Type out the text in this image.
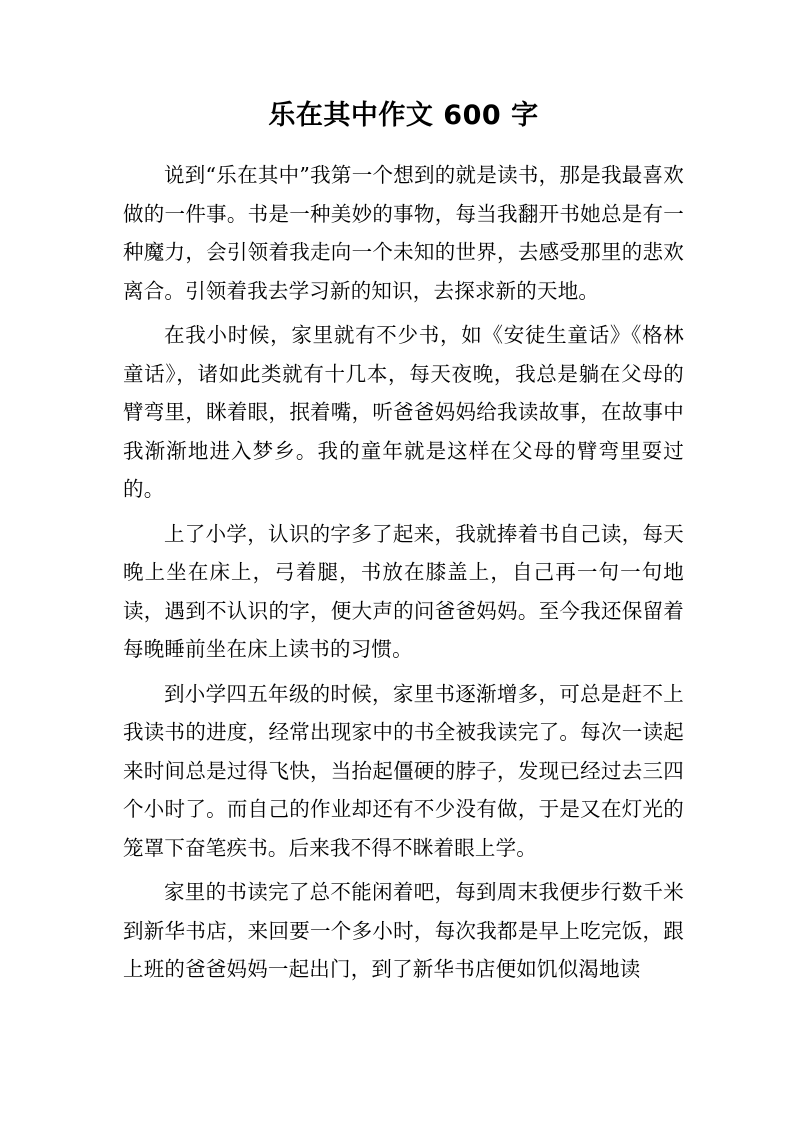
乐在其中作文 600 字

说到“乐在其中”我第一个想到的就是读书，那是我最喜欢做的一件事。书是一种美妙的事物，每当我翻开书她总是有一种魔力，会引领着我走向一个未知的世界，去感受那里的悲欢离合。引领着我去学习新的知识，去探求新的天地。

在我小时候，家里就有不少书，如《安徒生童话》《格林童话》，诸如此类就有十几本，每天夜晚，我总是躺在父母的臂弯里，眯着眼，抿着嘴，听爸爸妈妈给我读故事，在故事中我渐渐地进入梦乡。我的童年就是这样在父母的臂弯里耍过的。

上了小学，认识的字多了起来，我就捧着书自己读，每天晚上坐在床上，弓着腿，书放在膝盖上，自己再一句一句地读，遇到不认识的字，便大声的问爸爸妈妈。至今我还保留着每晚睡前坐在床上读书的习惯。

到小学四五年级的时候，家里书逐渐增多，可总是赶不上我读书的进度，经常出现家中的书全被我读完了。每次一读起来时间总是过得飞快，当抬起僵硬的脖子，发现已经过去三四个小时了。而自己的作业却还有不少没有做，于是又在灯光的笼罩下奋笔疾书。后来我不得不眯着眼上学。

家里的书读完了总不能闲着吧，每到周末我便步行数千米到新华书店，来回要一个多小时，每次我都是早上吃完饭，跟上班的爸爸妈妈一起出门，到了新华书店便如饥似渴地读
